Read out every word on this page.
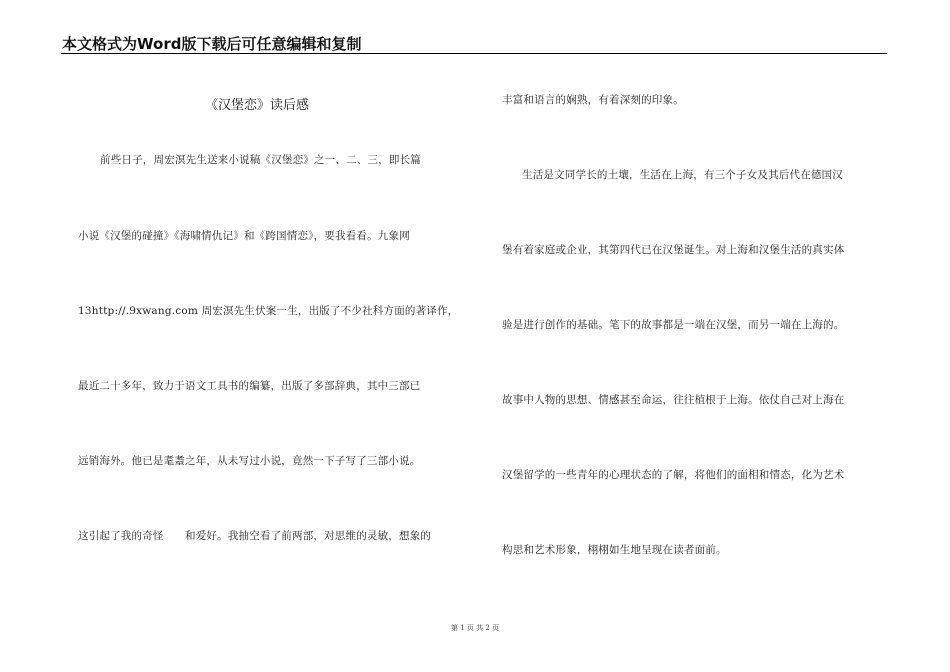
本文格式为Word版下载后可任意编辑和复制
《汉堡恋》读后感
前些日子，周宏溟先生送来小说稿《汉堡恋》之一、二、三，即长篇
小说《汉堡的碰撞》《海啸情仇记》和《跨国情恋》，要我看看。九象网
13http://.9xwang.com 周宏溟先生伏案一生，出版了不少社科方面的著译作，
最近二十多年，致力于语文工具书的编纂，出版了多部辞典，其中三部已
远销海外。他已是耄耋之年，从未写过小说，竟然一下子写了三部小说。
这引起了我的奇怪　　和爱好。我抽空看了前两部，对思维的灵敏，想象的
丰富和语言的娴熟，有着深刻的印象。
生活是文同学长的土壤，生活在上海，有三个子女及其后代在德国汉
堡有着家庭或企业，其第四代已在汉堡诞生。对上海和汉堡生活的真实体
验是进行创作的基础。笔下的故事都是一端在汉堡，而另一端在上海的。
故事中人物的思想、情感甚至命运，往往植根于上海。依仗自己对上海在
汉堡留学的一些青年的心理状态的了解，将他们的面相和情态，化为艺术
构思和艺术形象，栩栩如生地呈现在读者面前。
第 1 页 共 2 页
